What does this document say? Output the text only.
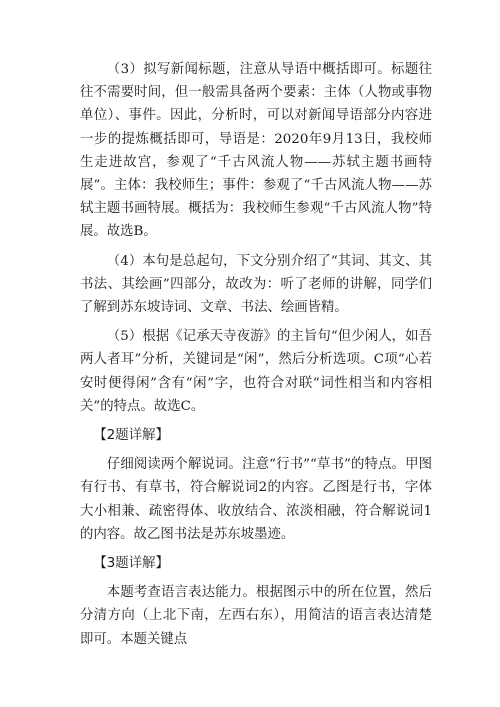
（3）拟写新闻标题，注意从导语中概括即可。标题往往不需要时间，但一般需具备两个要素：主体（人物或事物单位）、事件。因此，分析时，可以对新闻导语部分内容进一步的提炼概括即可，导语是：2020年9月13日，我校师生走进故宫，参观了“千古风流人物——苏轼主题书画特展”。主体：我校师生；事件：参观了“千古风流人物——苏轼主题书画特展。概括为：我校师生参观“千古风流人物”特展。故选B。

（4）本句是总起句，下文分别介绍了“其词、其文、其书法、其绘画”四部分，故改为：听了老师的讲解，同学们了解到苏东坡诗词、文章、书法、绘画皆精。

（5）根据《记承天寺夜游》的主旨句“但少闲人，如吾两人者耳”分析，关键词是“闲”，然后分析选项。C项“心若安时便得闲”含有“闲”字，也符合对联“词性相当和内容相关”的特点。故选C。

【2题详解】

仔细阅读两个解说词。注意“行书”“草书”的特点。甲图有行书、有草书，符合解说词2的内容。乙图是行书，字体大小相兼、疏密得体、收放结合、浓淡相融，符合解说词1的内容。故乙图书法是苏东坡墨迹。

【3题详解】

本题考查语言表达能力。根据图示中的所在位置，然后分清方向（上北下南，左西右东），用简洁的语言表达清楚即可。本题关键点
